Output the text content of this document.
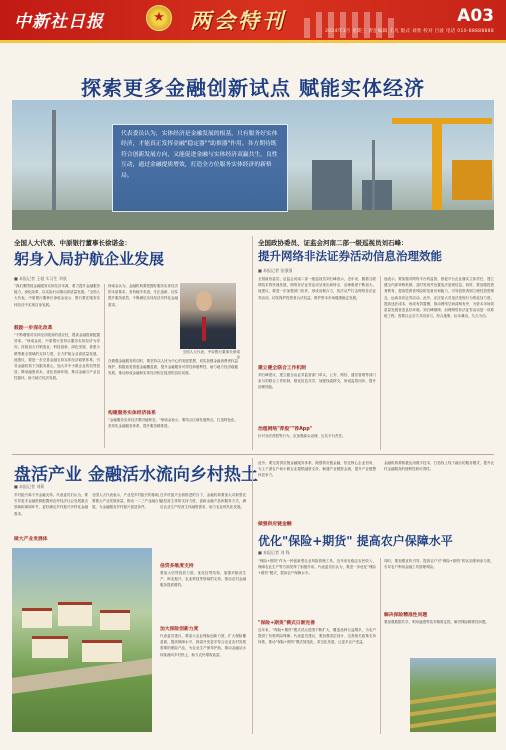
中新社日报	★ 两会特刊	A03
2024年3月 星期三 责任编辑 王凡 版式 刘欣 校对 吕波 电话 010-88888888
探索更多金融创新试点 赋能实体经济
代表委员认为，实体经济是金融发展的根基，只有服务好实体经济，才能真正发挥金融"稳定器""助推器"作用。各方期待既符合创新发展方向，又能促进金融与实体经济双赢共生，良性互动，通过金融提质增效，打造全方位服务实体经济的新格局。
全国人大代表、中原银行董事长徐诺金：
躬身入局护航企业发展
■ 本报记者 王超 实习生 刘欣
“我们要围绕金融服务实体经济本源，着力提升金融服务能力，深化改革，以实际行动推动高质量发展。”全国人大代表、中原银行董事长徐诺金表示，银行要在服务实体经济中实现自身发展。
鼓励一步深化改革
“不断增强对实体经济服务的适应性，提高金融资源配置效率。”徐诺金说，中原银行坚持以服务实体经济为导向，持续加大对制造业、科技创新、绿色发展、普惠小微等重点领域的支持力度，全力护航企业高质量发展。他建议，要进一步完善金融支持实体经济政策体系，引导金融机构下沉服务重心，加大对中小微企业的信贷投放，降低融资成本，优化营商环境，推动金融与产业良性循环，助力地方经济发展。
徐诺金认为，金融机构要把握好服务实体经济的本质要求，坚持稳中求进，守正创新，切实提升服务质效，不断满足实体经济多样化金融需求。
全国人大代表、中原银行董事长徐诺金
在做强金融服务的同时，要坚持以人民为中心的发展思想，切实加强金融消费者权益保护，积极拓宽普惠金融覆盖面，提升金融服务可得性和便利性，助力地方经济稳健发展，推动形成金融和实体经济相互促进的良好局面。
构建服务实体经济体系
“金融服务实体经济要因地制宜。”徐诺金表示，要结合区域发展特点，打造特色化、差异化金融服务体系，提升服务精准度。
全国政协委员、证监会河南二部一级巡视员刘石峰：
提升网络非法证券活动信息治理效能
■ 本报记者 张强强
全国政协委员、证监会河南二部一级巡视员刘石峰表示，近年来，随着互联网技术的快速发展，网络非法证券活动呈现出新特点，治理难度不断加大。他建议，要进一步加强部门协作，形成治理合力，依法从严打击网络非法证券活动，切实保护投资者合法权益，维护资本市场健康稳定发展。
建立健全联合工作机制
刘石峰建议，建立健全由证券监管部门牵头，公安、网信、通信管理等部门参与的联合工作机制，强化信息共享，加强线索移交，形成监管闭环，提升治理效能。
治理网络"荐股""荐App"
针对非法荐股等行为，应加强源头治理，压实平台责任。
他表示，要加强对网络平台的监管，督促平台企业落实主体责任，建立健全内部审核机制，及时发现并处置违法违规信息。同时，要加强投资者教育，提高投资者风险防范意识和能力，引导投资者树立理性投资理念，远离非法证券活动。此外，还应加大对违法违规行为的惩处力度，提高违法成本，形成有效震慑，推动网络空间清朗有序，为资本市场高质量发展营造良好环境。刘石峰强调，治理网络非法证券活动是一项系统工程，需要社会各方共同参与，综合施策，标本兼治，久久为功。
盘活产业 金融活水流向乡村热土
■ 本报记者 刘莉
乡村振兴离不开金融支持。代表委员们认为，要引导更多金融资源配置到农村经济社会发展重点领域和薄弱环节，更好满足乡村振兴多样化金融需求。
做大产业发展体
全国人大代表表示，产业是乡村振兴的基础，要做大产业发展体量，推动一二三产业融合发展，为金融服务乡村振兴创造条件。
在乡村振兴全面推进的当下，金融机构要加大对新型农业经营主体的支持力度，创新金融产品和服务方式，满足农业生产经营主体融资需求，助力农业现代化发展。
信贷多维度支持
要加大信贷投放力度，优化信贷结构，加强对粮食生产、种业振兴、农业科技等领域的支持，推动农村金融服务提质增效。
加大保险创新力度
代表委员建议，要加大农业保险创新力度，扩大保险覆盖面，提高保障水平，探索开发更多符合农业农村发展需要的保险产品，为农业生产保驾护航，推动金融活水持续流向乡村热土，助力农民增收致富。
此外，要完善供应链金融服务体系，做强供应链金融，依托核心企业信用，为上下游农户和小微企业提供融资支持，畅通产业链资金流，提升产业链整体竞争力。
做强供应链金融
金融机构要积极运用数字技术，打造线上线下融合的服务模式，提升农村金融服务的便利性和可得性。
优化"保险+期货" 提高农户保障水平
■ 本报记者 刘 锋
“保险+期货”作为一种创新型农业风险管理工具，近年来在稳定农民收入、保障农业生产等方面发挥了积极作用。代表委员们认为，要进一步优化“保险+期货”模式，提高农户保障水平。
"保险+期货"模式日渐完善
近年来，“保险+期货”模式试点范围不断扩大，覆盖品种日益增多，为农户提供了价格风险保障。代表委员建议，要加强顶层设计，完善相关政策支持体系，推动“保险+期货”模式规范化、常态化发展，让更多农户受益。
同时，要加强宣传引导，提高农户对“保险+期货”的认知度和参与度，引导农户利用金融工具管理风险。
解决保险精准性问题
要加强数据共享，利用遥感等技术精准定损，解决保险精准性问题。
